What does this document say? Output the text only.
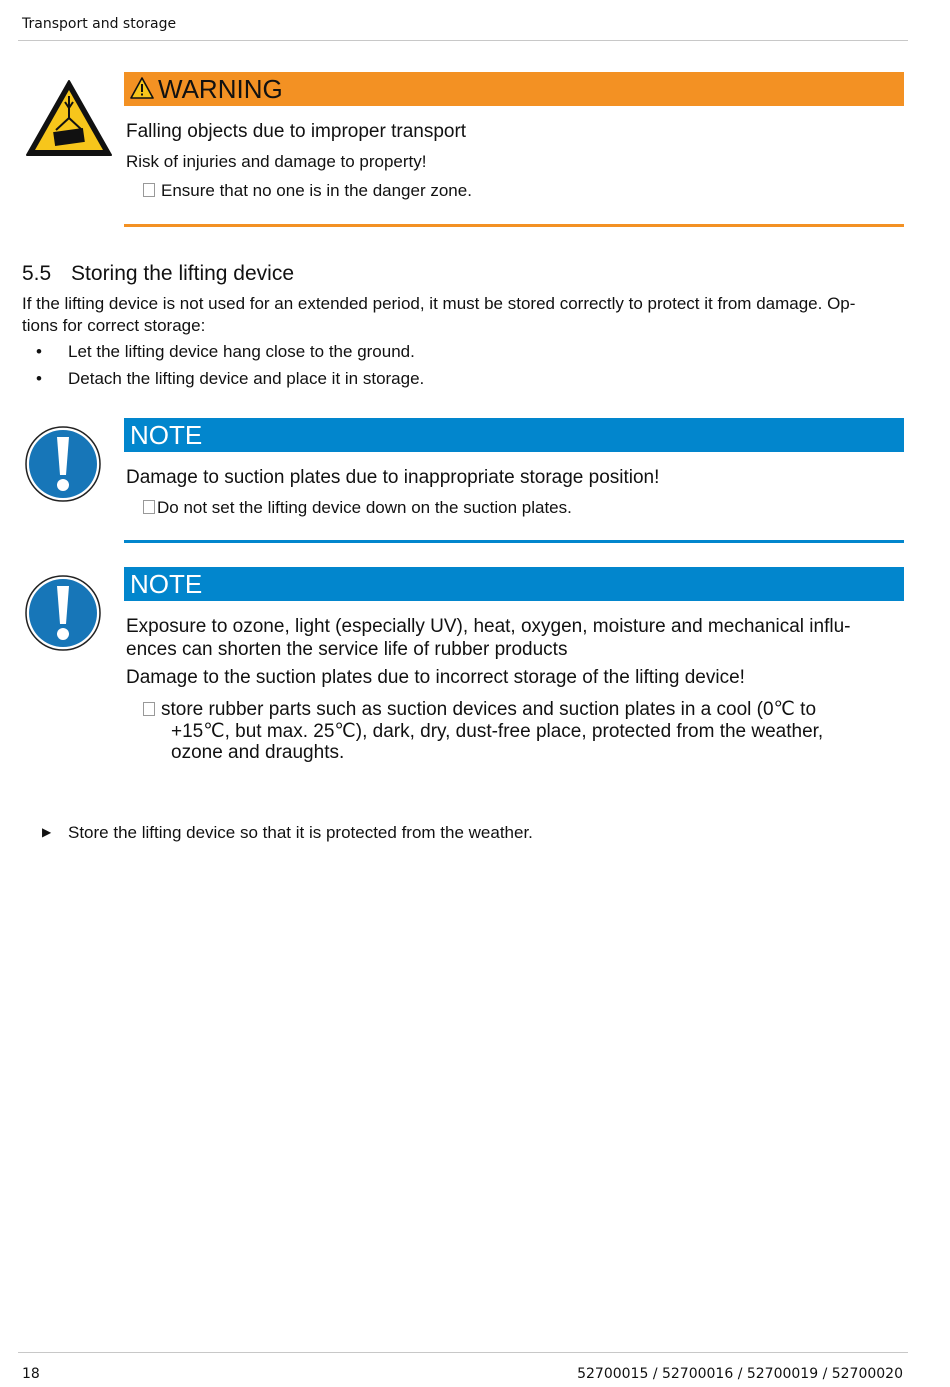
Transport and storage
WARNING
Falling objects due to improper transport
Risk of injuries and damage to property!
Ensure that no one is in the danger zone.
5.5 Storing the lifting device
If the lifting device is not used for an extended period, it must be stored correctly to protect it from damage. Op-
tions for correct storage:
• Let the lifting device hang close to the ground.
• Detach the lifting device and place it in storage.
NOTE
Damage to suction plates due to inappropriate storage position!
Do not set the lifting device down on the suction plates.
NOTE
Exposure to ozone, light (especially UV), heat, oxygen, moisture and mechanical influ-
ences can shorten the service life of rubber products
Damage to the suction plates due to incorrect storage of the lifting device!
store rubber parts such as suction devices and suction plates in a cool (0℃ to
+15℃, but max. 25℃), dark, dry, dust-free place, protected from the weather,
ozone and draughts.
▶ Store the lifting device so that it is protected from the weather.
18	52700015 / 52700016 / 52700019 / 52700020
